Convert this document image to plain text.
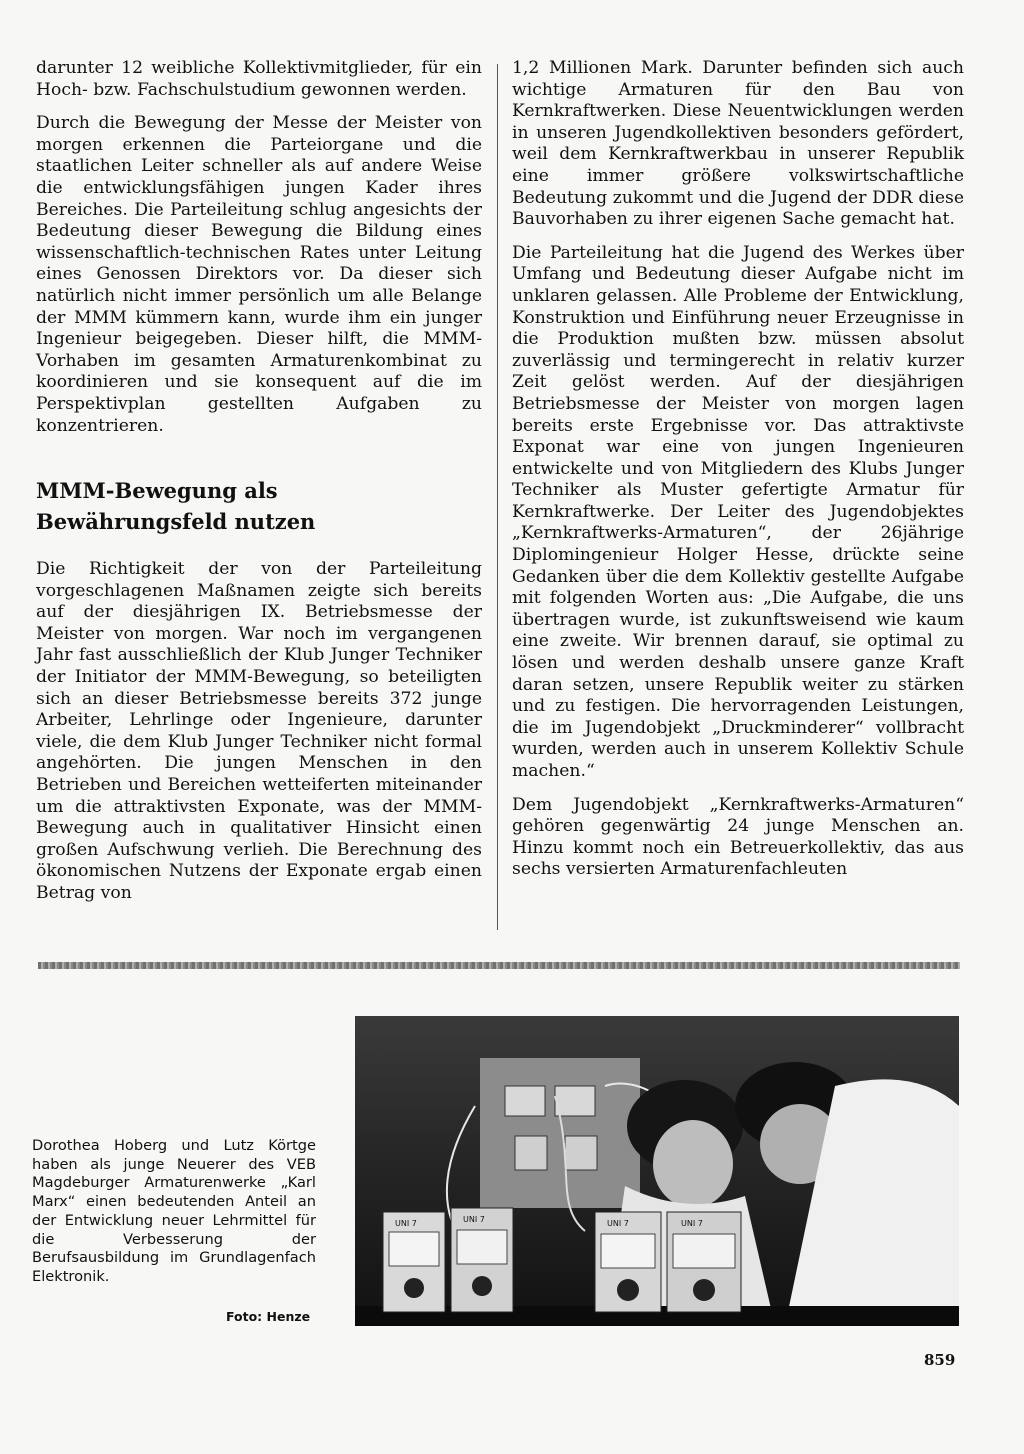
darunter 12 weibliche Kollektivmitglieder, für ein Hoch- bzw. Fachschulstudium gewonnen werden.

Durch die Bewegung der Messe der Meister von morgen erkennen die Parteiorgane und die staatlichen Leiter schneller als auf andere Weise die entwicklungsfähigen jungen Kader ihres Bereiches. Die Parteileitung schlug angesichts der Bedeutung dieser Bewegung die Bildung eines wissenschaftlich-technischen Rates unter Leitung eines Genossen Direktors vor. Da dieser sich natürlich nicht immer persönlich um alle Belange der MMM kümmern kann, wurde ihm ein junger Ingenieur beigegeben. Dieser hilft, die MMM-Vorhaben im gesamten Armaturenkombinat zu koordinieren und sie konsequent auf die im Perspektivplan gestellten Aufgaben zu konzentrieren.

MMM-Bewegung als Bewährungsfeld nutzen

Die Richtigkeit der von der Parteileitung vorgeschlagenen Maßnamen zeigte sich bereits auf der diesjährigen IX. Betriebsmesse der Meister von morgen. War noch im vergangenen Jahr fast ausschließlich der Klub Junger Techniker der Initiator der MMM-Bewegung, so beteiligten sich an dieser Betriebsmesse bereits 372 junge Arbeiter, Lehrlinge oder Ingenieure, darunter viele, die dem Klub Junger Techniker nicht formal angehörten. Die jungen Menschen in den Betrieben und Bereichen wetteiferten miteinander um die attraktivsten Exponate, was der MMM-Bewegung auch in qualitativer Hinsicht einen großen Aufschwung verlieh. Die Berechnung des ökonomischen Nutzens der Exponate ergab einen Betrag von

1,2 Millionen Mark. Darunter befinden sich auch wichtige Armaturen für den Bau von Kernkraftwerken. Diese Neuentwicklungen werden in unseren Jugendkollektiven besonders gefördert, weil dem Kernkraftwerkbau in unserer Republik eine immer größere volkswirtschaftliche Bedeutung zukommt und die Jugend der DDR diese Bauvorhaben zu ihrer eigenen Sache gemacht hat.

Die Parteileitung hat die Jugend des Werkes über Umfang und Bedeutung dieser Aufgabe nicht im unklaren gelassen. Alle Probleme der Entwicklung, Konstruktion und Einführung neuer Erzeugnisse in die Produktion mußten bzw. müssen absolut zuverlässig und termingerecht in relativ kurzer Zeit gelöst werden. Auf der diesjährigen Betriebsmesse der Meister von morgen lagen bereits erste Ergebnisse vor. Das attraktivste Exponat war eine von jungen Ingenieuren entwickelte und von Mitgliedern des Klubs Junger Techniker als Muster gefertigte Armatur für Kernkraftwerke. Der Leiter des Jugendobjektes „Kernkraftwerks-Armaturen“, der 26jährige Diplomingenieur Holger Hesse, drückte seine Gedanken über die dem Kollektiv gestellte Aufgabe mit folgenden Worten aus: „Die Aufgabe, die uns übertragen wurde, ist zukunftsweisend wie kaum eine zweite. Wir brennen darauf, sie optimal zu lösen und werden deshalb unsere ganze Kraft daran setzen, unsere Republik weiter zu stärken und zu festigen. Die hervorragenden Leistungen, die im Jugendobjekt „Druckminderer“ vollbracht wurden, werden auch in unserem Kollektiv Schule machen.“

Dem Jugendobjekt „Kernkraftwerks-Armaturen“ gehören gegenwärtig 24 junge Menschen an. Hinzu kommt noch ein Betreuerkollektiv, das aus sechs versierten Armaturenfachleuten

Dorothea Hoberg und Lutz Körtge haben als junge Neuerer des VEB Magdeburger Armaturenwerke „Karl Marx“ einen bedeutenden Anteil an der Entwicklung neuer Lehrmittel für die Verbesserung der Berufsausbildung im Grundlagenfach Elektronik.
Foto: Henze
UNI 7	UNI 7	UNI 7	UNI 7
859
